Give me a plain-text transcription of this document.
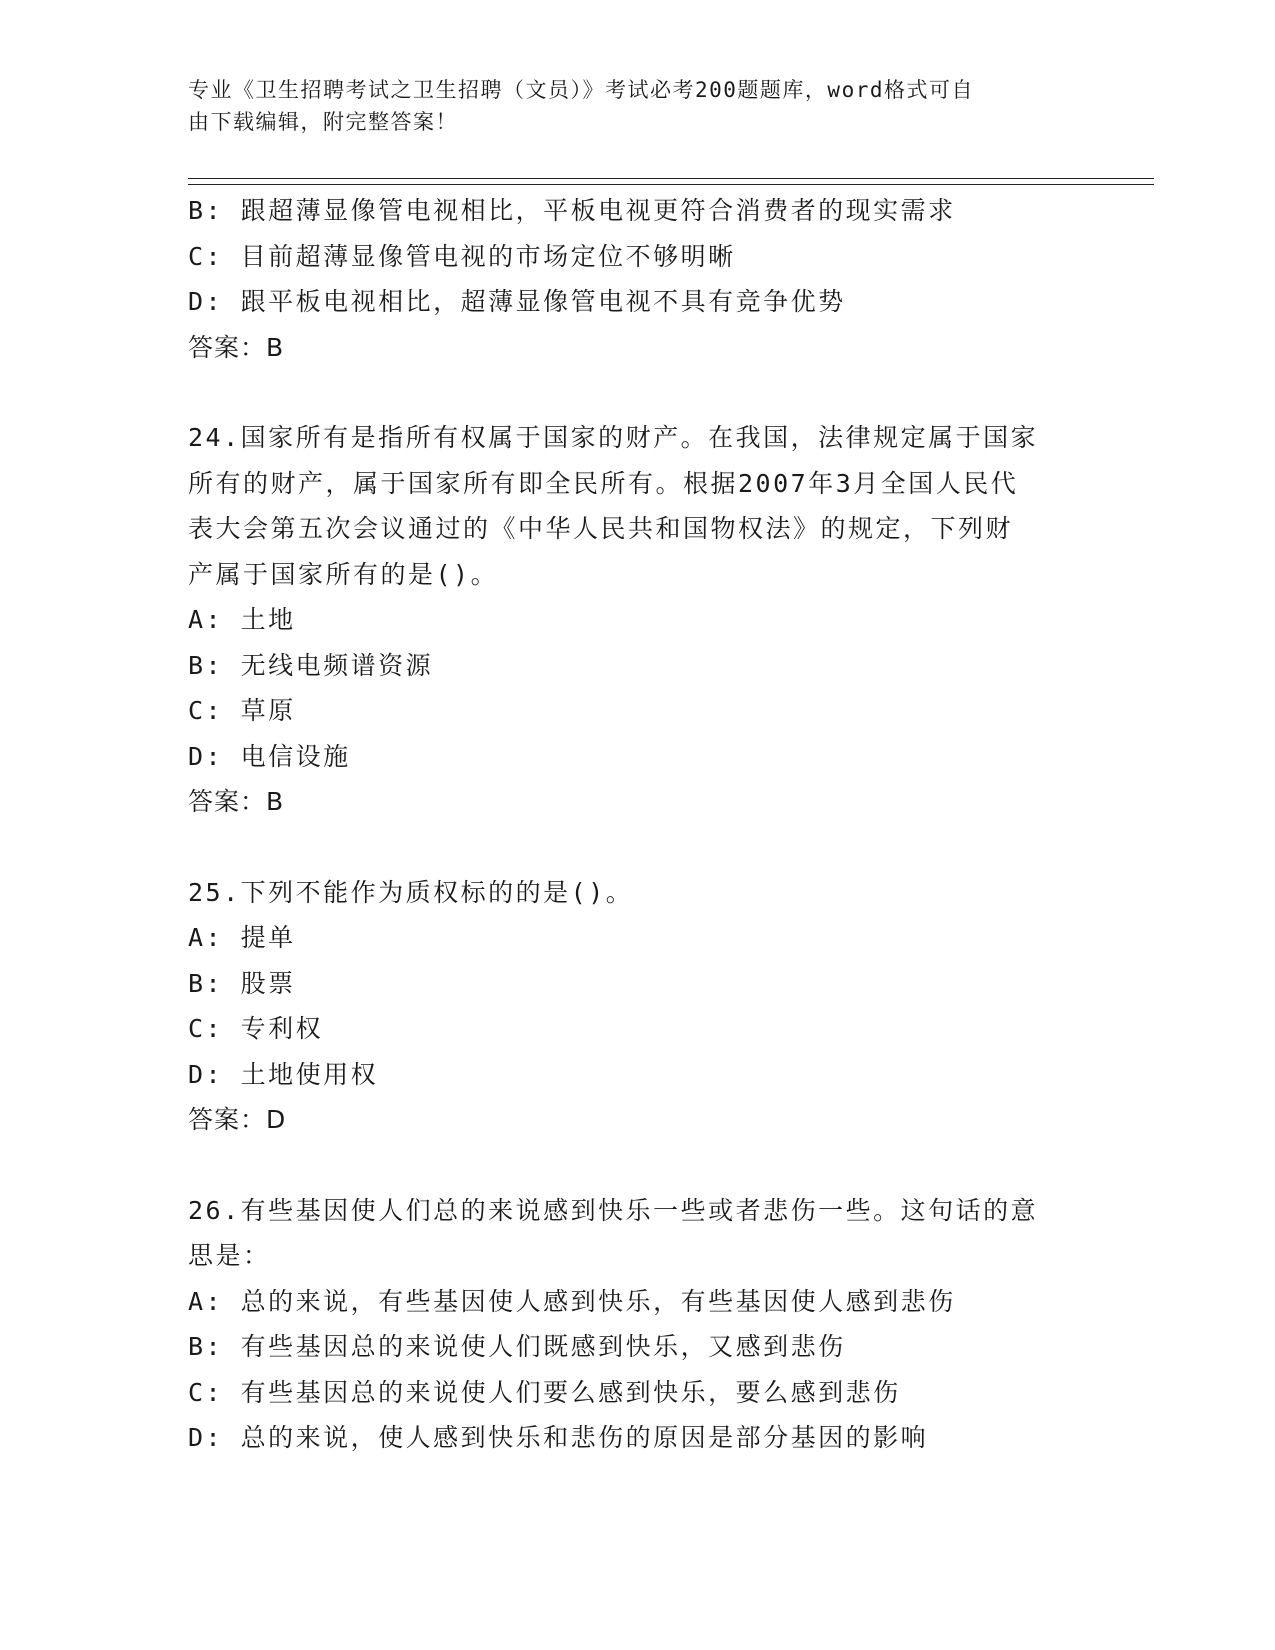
专业《卫生招聘考试之卫生招聘（文员）》考试必考200题题库，word格式可自
由下载编辑，附完整答案！
B: 跟超薄显像管电视相比，平板电视更符合消费者的现实需求
C: 目前超薄显像管电视的市场定位不够明晰
D: 跟平板电视相比，超薄显像管电视不具有竞争优势
答案：B
24.国家所有是指所有权属于国家的财产。在我国，法律规定属于国家
所有的财产，属于国家所有即全民所有。根据2007年3月全国人民代
表大会第五次会议通过的《中华人民共和国物权法》的规定，下列财
产属于国家所有的是()。
A: 土地
B: 无线电频谱资源
C: 草原
D: 电信设施
答案：B
25.下列不能作为质权标的的是()。
A: 提单
B: 股票
C: 专利权
D: 土地使用权
答案：D
26.有些基因使人们总的来说感到快乐一些或者悲伤一些。这句话的意
思是：
A: 总的来说，有些基因使人感到快乐，有些基因使人感到悲伤
B: 有些基因总的来说使人们既感到快乐，又感到悲伤
C: 有些基因总的来说使人们要么感到快乐，要么感到悲伤
D: 总的来说，使人感到快乐和悲伤的原因是部分基因的影响
